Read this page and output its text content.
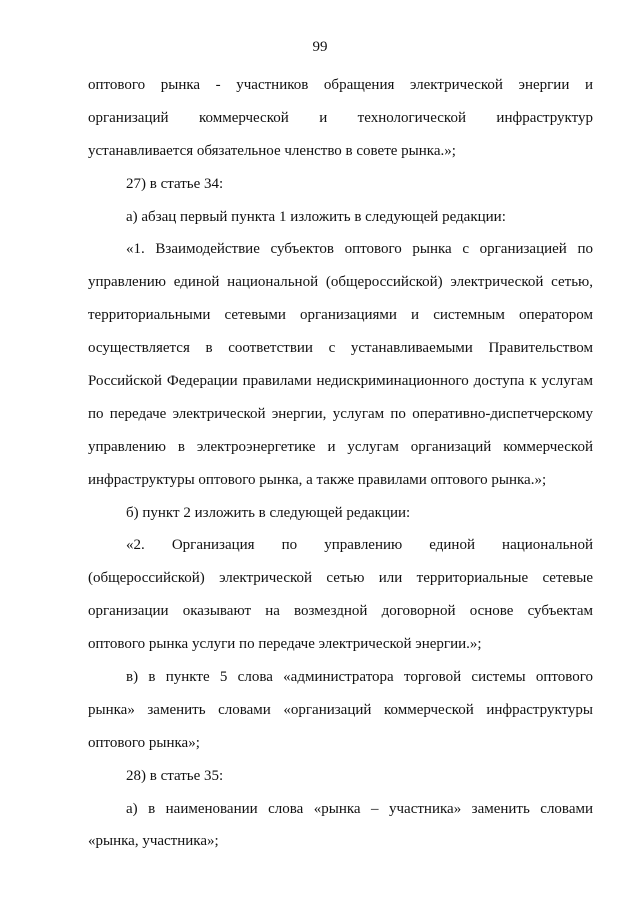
99
оптового рынка - участников обращения электрической энергии и
организаций коммерческой и технологической инфраструктур
устанавливается обязательное членство в совете рынка.»;
27) в статье 34:
а) абзац первый пункта 1 изложить в следующей редакции:
«1. Взаимодействие субъектов оптового рынка с организацией по
управлению единой национальной (общероссийской) электрической сетью,
территориальными сетевыми организациями и системным оператором
осуществляется в соответствии с устанавливаемыми Правительством
Российской Федерации правилами недискриминационного доступа к услугам
по передаче электрической энергии, услугам по оперативно-диспетчерскому
управлению в электроэнергетике и услугам организаций коммерческой
инфраструктуры оптового рынка, а также правилами оптового рынка.»;
б) пункт 2 изложить в следующей редакции:
«2. Организация по управлению единой национальной
(общероссийской) электрической сетью или территориальные сетевые
организации оказывают на возмездной договорной основе субъектам
оптового рынка услуги по передаче электрической энергии.»;
в) в пункте 5 слова «администратора торговой системы оптового
рынка» заменить словами «организаций коммерческой инфраструктуры
оптового рынка»;
28) в статье 35:
а) в наименовании слова «рынка – участника» заменить словами
«рынка, участника»;
